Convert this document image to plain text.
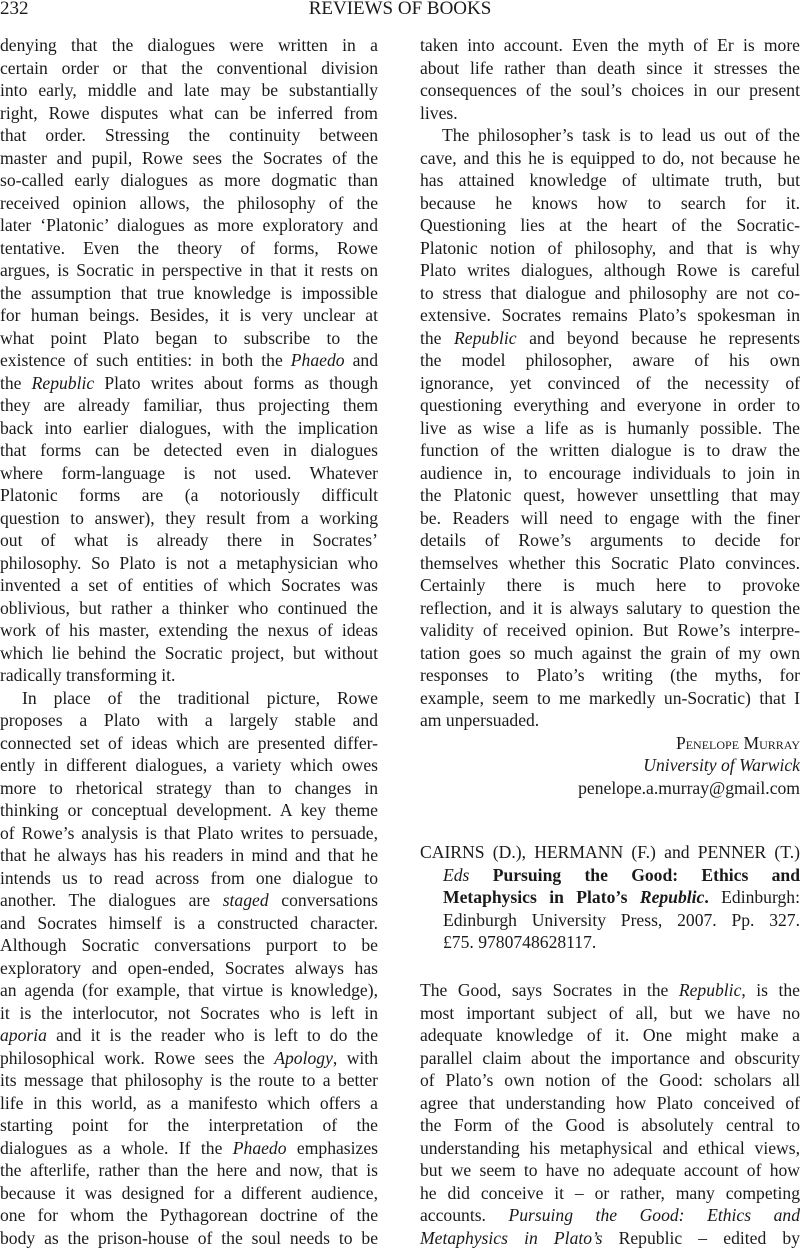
232	REVIEWS OF BOOKS
denying that the dialogues were written in a
certain order or that the conventional division
into early, middle and late may be substantially
right, Rowe disputes what can be inferred from
that order. Stressing the continuity between
master and pupil, Rowe sees the Socrates of the
so-called early dialogues as more dogmatic than
received opinion allows, the philosophy of the
later ‘Platonic’ dialogues as more exploratory and
tentative. Even the theory of forms, Rowe
argues, is Socratic in perspective in that it rests on
the assumption that true knowledge is impossible
for human beings. Besides, it is very unclear at
what point Plato began to subscribe to the
existence of such entities: in both the Phaedo and
the Republic Plato writes about forms as though
they are already familiar, thus projecting them
back into earlier dialogues, with the implication
that forms can be detected even in dialogues
where form-language is not used. Whatever
Platonic forms are (a notoriously difficult
question to answer), they result from a working
out of what is already there in Socrates’
philosophy. So Plato is not a metaphysician who
invented a set of entities of which Socrates was
oblivious, but rather a thinker who continued the
work of his master, extending the nexus of ideas
which lie behind the Socratic project, but without
radically transforming it.
In place of the traditional picture, Rowe
proposes a Plato with a largely stable and
connected set of ideas which are presented differ-
ently in different dialogues, a variety which owes
more to rhetorical strategy than to changes in
thinking or conceptual development. A key theme
of Rowe’s analysis is that Plato writes to persuade,
that he always has his readers in mind and that he
intends us to read across from one dialogue to
another. The dialogues are staged conversations
and Socrates himself is a constructed character.
Although Socratic conversations purport to be
exploratory and open-ended, Socrates always has
an agenda (for example, that virtue is knowledge),
it is the interlocutor, not Socrates who is left in
aporia and it is the reader who is left to do the
philosophical work. Rowe sees the Apology, with
its message that philosophy is the route to a better
life in this world, as a manifesto which offers a
starting point for the interpretation of the
dialogues as a whole. If the Phaedo emphasizes
the afterlife, rather than the here and now, that is
because it was designed for a different audience,
one for whom the Pythagorean doctrine of the
body as the prison-house of the soul needs to be
taken into account. Even the myth of Er is more
about life rather than death since it stresses the
consequences of the soul’s choices in our present
lives.
The philosopher’s task is to lead us out of the
cave, and this he is equipped to do, not because he
has attained knowledge of ultimate truth, but
because he knows how to search for it.
Questioning lies at the heart of the Socratic-
Platonic notion of philosophy, and that is why
Plato writes dialogues, although Rowe is careful
to stress that dialogue and philosophy are not co-
extensive. Socrates remains Plato’s spokesman in
the Republic and beyond because he represents
the model philosopher, aware of his own
ignorance, yet convinced of the necessity of
questioning everything and everyone in order to
live as wise a life as is humanly possible. The
function of the written dialogue is to draw the
audience in, to encourage individuals to join in
the Platonic quest, however unsettling that may
be. Readers will need to engage with the finer
details of Rowe’s arguments to decide for
themselves whether this Socratic Plato convinces.
Certainly there is much here to provoke
reflection, and it is always salutary to question the
validity of received opinion. But Rowe’s interpre-
tation goes so much against the grain of my own
responses to Plato’s writing (the myths, for
example, seem to me markedly un-Socratic) that I
am unpersuaded.
Penelope Murray
University of Warwick
penelope.a.murray@gmail.com
CAIRNS (D.), HERMANN (F.) and PENNER (T.)
Eds Pursuing the Good: Ethics and
Metaphysics in Plato’s Republic. Edinburgh:
Edinburgh University Press, 2007. Pp. 327.
£75. 9780748628117.
The Good, says Socrates in the Republic, is the
most important subject of all, but we have no
adequate knowledge of it. One might make a
parallel claim about the importance and obscurity
of Plato’s own notion of the Good: scholars all
agree that understanding how Plato conceived of
the Form of the Good is absolutely central to
understanding his metaphysical and ethical views,
but we seem to have no adequate account of how
he did conceive it – or rather, many competing
accounts. Pursuing the Good: Ethics and
Metaphysics in Plato’s Republic – edited by
